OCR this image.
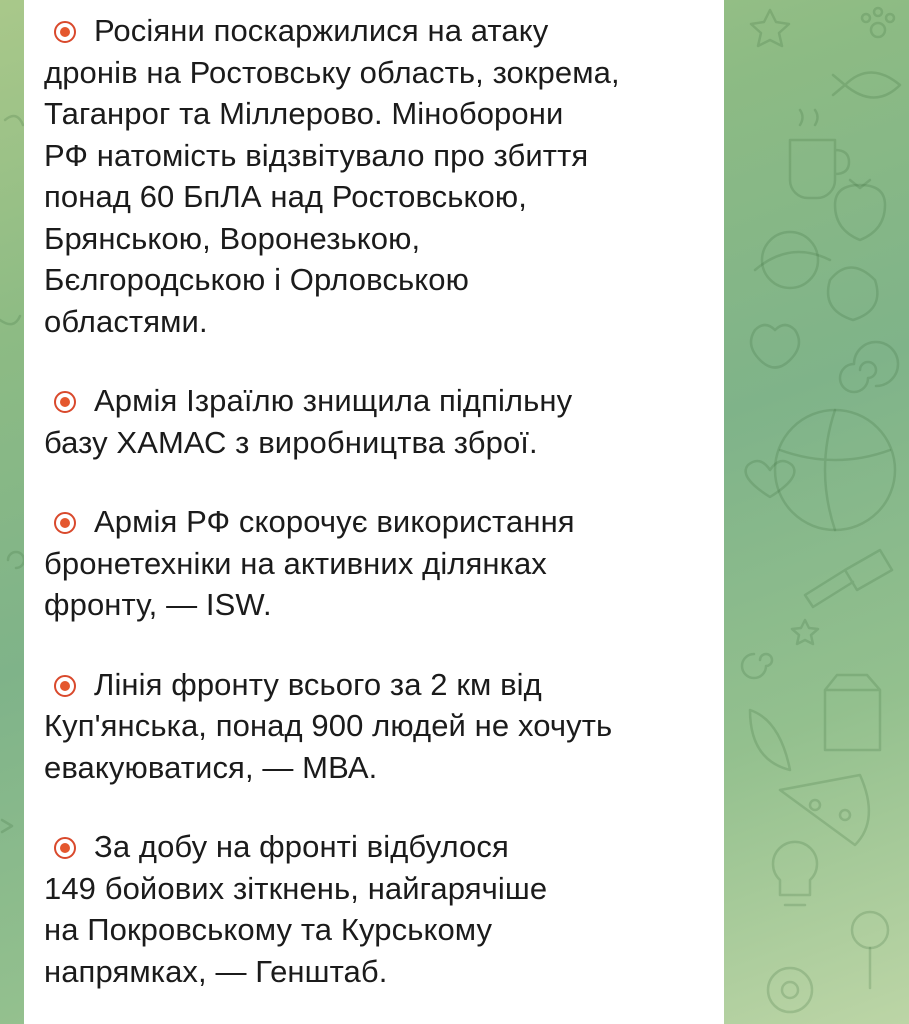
Росіяни поскаржилися на атаку
дронів на Ростовську область, зокрема,
Таганрог та Міллерово. Міноборони
РФ натомість відзвітувало про збиття
понад 60 БпЛА над Ростовською,
Брянською, Воронезькою,
Бєлгородською і Орловською
областями.
Армія Ізраїлю знищила підпільну
базу ХАМАС з виробництва зброї.
Армія РФ скорочує використання
бронетехніки на активних ділянках
фронту, — ISW.
Лінія фронту всього за 2 км від
Куп'янська, понад 900 людей не хочуть
евакуюватися, — МВА.
За добу на фронті відбулося
149 бойових зіткнень, найгарячіше
на Покровському та Курському
напрямках, — Генштаб.
